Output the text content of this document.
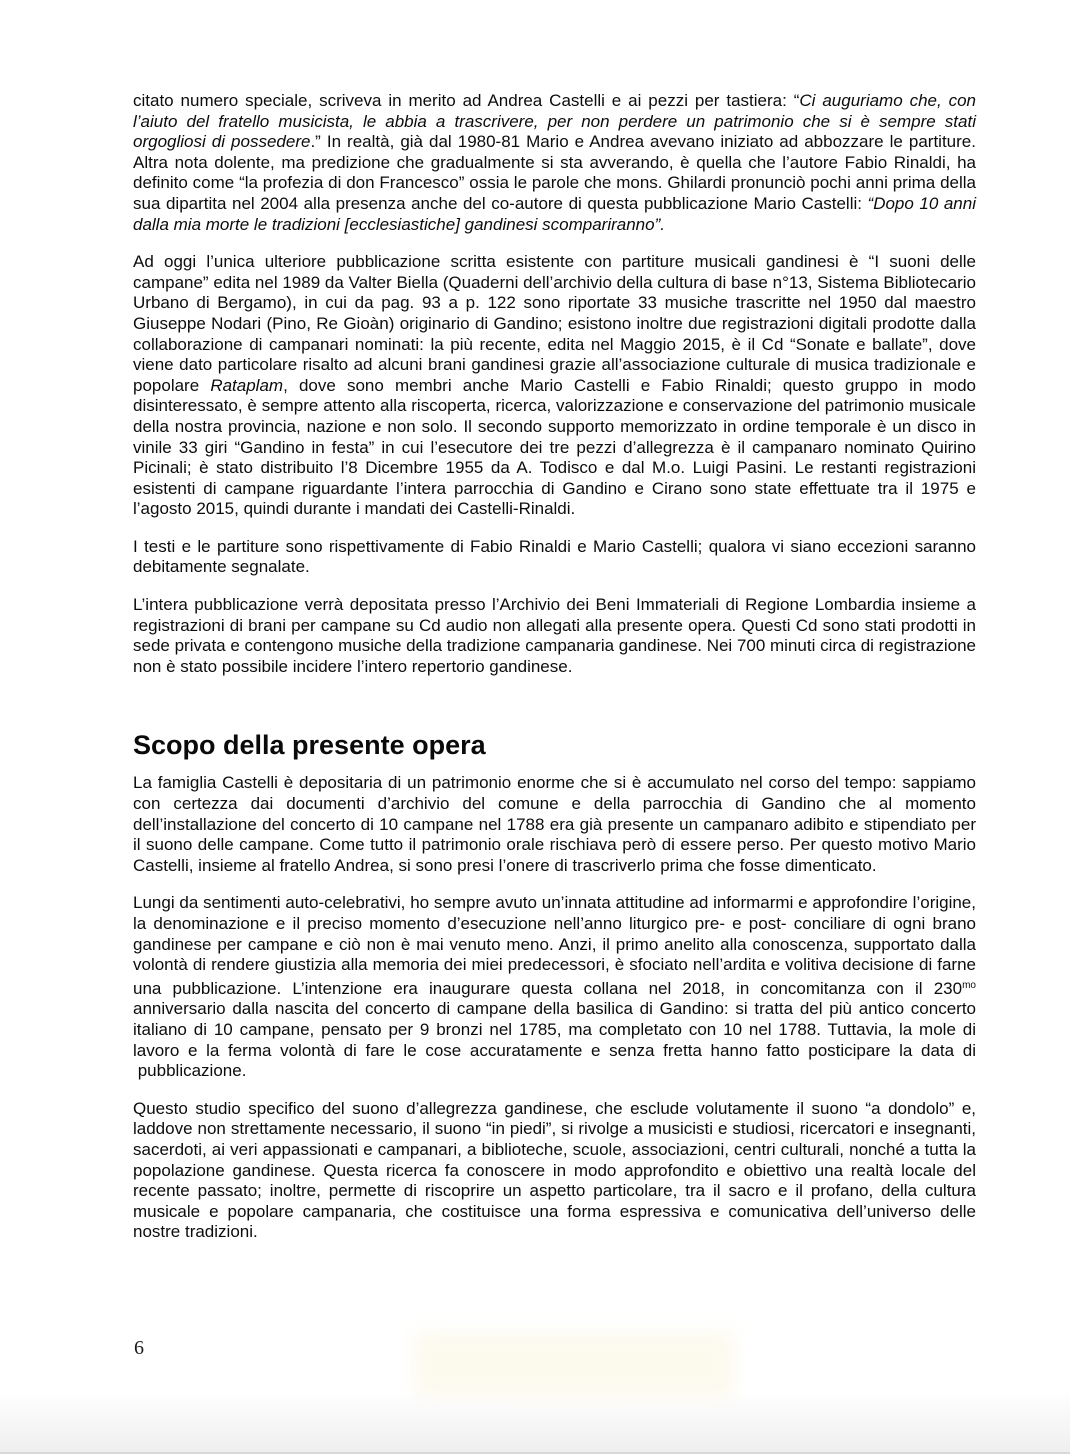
citato numero speciale, scriveva in merito ad Andrea Castelli e ai pezzi per tastiera: “Ci auguriamo che, con l’aiuto del fratello musicista, le abbia a trascrivere, per non perdere un patrimonio che si è sempre stati orgogliosi di possedere.” In realtà, già dal 1980-81 Mario e Andrea avevano iniziato ad abbozzare le partiture. Altra nota dolente, ma predizione che gradualmente si sta avverando, è quella che l’autore Fabio Rinaldi, ha definito come “la profezia di don Francesco” ossia le parole che mons. Ghilardi pronunciò pochi anni prima della sua dipartita nel 2004 alla presenza anche del co-autore di questa pubblicazione Mario Castelli: “Dopo 10 anni dalla mia morte le tradizioni [ecclesiastiche] gandinesi scompariranno”.

Ad oggi l’unica ulteriore pubblicazione scritta esistente con partiture musicali gandinesi è “I suoni delle campane” edita nel 1989 da Valter Biella (Quaderni dell’archivio della cultura di base n°13, Sistema Bibliotecario Urbano di Bergamo), in cui da pag. 93 a p. 122 sono riportate 33 musiche trascritte nel 1950 dal maestro Giuseppe Nodari (Pino, Re Gioàn) originario di Gandino; esistono inoltre due registrazioni digitali prodotte dalla collaborazione di campanari nominati: la più recente, edita nel Maggio 2015, è il Cd “Sonate e ballate”, dove viene dato particolare risalto ad alcuni brani gandinesi grazie all’associazione culturale di musica tradizionale e popolare Rataplam, dove sono membri anche Mario Castelli e Fabio Rinaldi; questo gruppo in modo disinteressato, è sempre attento alla riscoperta, ricerca, valorizzazione e conservazione del patrimonio musicale della nostra provincia, nazione e non solo. Il secondo supporto memorizzato in ordine temporale è un disco in vinile 33 giri “Gandino in festa” in cui l’esecutore dei tre pezzi d’allegrezza è il campanaro nominato Quirino Picinali; è stato distribuito l’8 Dicembre 1955 da A. Todisco e dal M.o. Luigi Pasini. Le restanti registrazioni esistenti di campane riguardante l’intera parrocchia di Gandino e Cirano sono state effettuate tra il 1975 e l’agosto 2015, quindi durante i mandati dei Castelli-Rinaldi.

I testi e le partiture sono rispettivamente di Fabio Rinaldi e Mario Castelli; qualora vi siano eccezioni saranno debitamente segnalate.

L’intera pubblicazione verrà depositata presso l’Archivio dei Beni Immateriali di Regione Lombardia insieme a registrazioni di brani per campane su Cd audio non allegati alla presente opera. Questi Cd sono stati prodotti in sede privata e contengono musiche della tradizione campanaria gandinese. Nei 700 minuti circa di registrazione non è stato possibile incidere l’intero repertorio gandinese.

Scopo della presente opera

La famiglia Castelli è depositaria di un patrimonio enorme che si è accumulato nel corso del tempo: sappiamo con certezza dai documenti d’archivio del comune e della parrocchia di Gandino che al momento dell’installazione del concerto di 10 campane nel 1788 era già presente un campanaro adibito e stipendiato per il suono delle campane. Come tutto il patrimonio orale rischiava però di essere perso. Per questo motivo Mario Castelli, insieme al fratello Andrea, si sono presi l’onere di trascriverlo prima che fosse dimenticato.

Lungi da sentimenti auto-celebrativi, ho sempre avuto un’innata attitudine ad informarmi e approfondire l’origine, la denominazione e il preciso momento d’esecuzione nell’anno liturgico pre- e post- conciliare di ogni brano gandinese per campane e ciò non è mai venuto meno. Anzi, il primo anelito alla conoscenza, supportato dalla volontà di rendere giustizia alla memoria dei miei predecessori, è sfociato nell’ardita e volitiva decisione di farne una pubblicazione. L’intenzione era inaugurare questa collana nel 2018, in concomitanza con il $230^{mo}$ anniversario dalla nascita del concerto di campane della basilica di Gandino: si tratta del più antico concerto italiano di 10 campane, pensato per 9 bronzi nel 1785, ma completato con 10 nel 1788. Tuttavia, la mole di lavoro e la ferma volontà di fare le cose accuratamente e senza fretta hanno fatto posticipare la data di  pubblicazione.

Questo studio specifico del suono d’allegrezza gandinese, che esclude volutamente il suono “a dondolo” e, laddove non strettamente necessario, il suono “in piedi”, si rivolge a musicisti e studiosi, ricercatori e insegnanti, sacerdoti, ai veri appassionati e campanari, a biblioteche, scuole, associazioni, centri culturali, nonché a tutta la popolazione gandinese. Questa ricerca fa conoscere in modo approfondito e obiettivo una realtà locale del recente passato; inoltre, permette di riscoprire un aspetto particolare, tra il sacro e il profano, della cultura musicale e popolare campanaria, che costituisce una forma espressiva e comunicativa dell’universo delle nostre tradizioni.

6
